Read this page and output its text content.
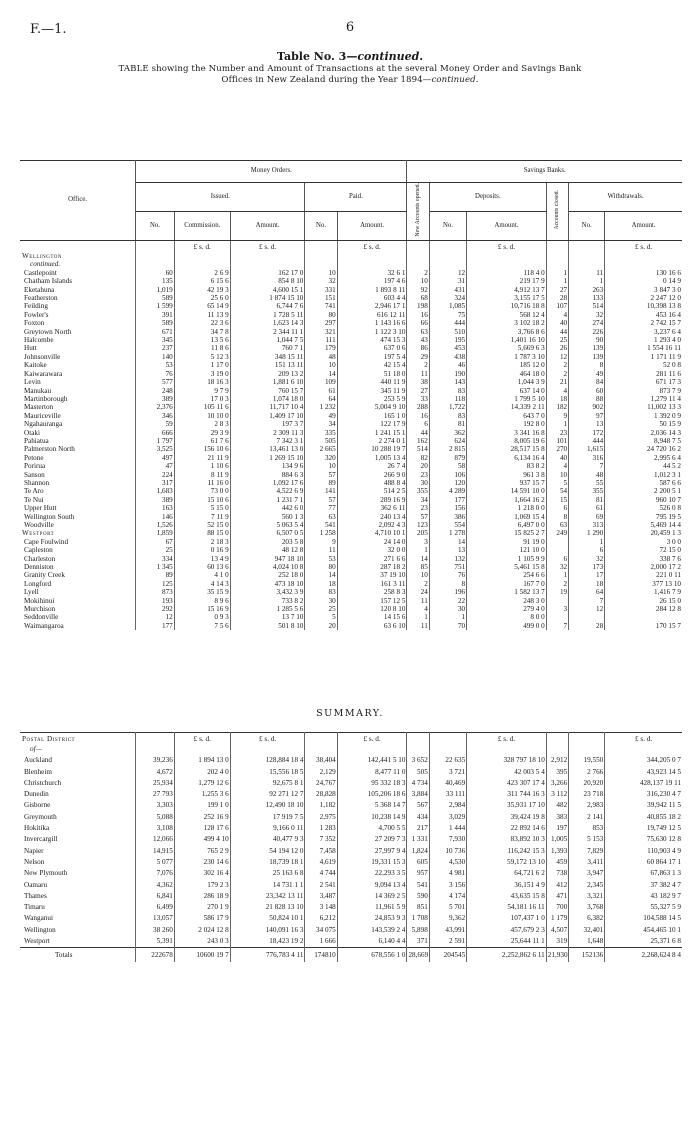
F.—1.	6
Table No. 3—continued.
TABLE showing the Number and Amount of Transactions at the several Money Order and Savings Bank
Offices in New Zealand during the Year 1894—continued.
Office.	Money Orders.					Savings Banks.					
	Issued.			Paid.		New Accounts opened.	Deposits.		Accounts closed.	Withdrawals.	
	No.	Commission.	Amount.	No.	Amount.		No.	Amount.		No.	Amount.
		£ s. d.	£ s. d.		£ s. d.			£ s. d.			£ s. d.
Wellington											
continued.											
Castlepoint	60	2 6 9	162 17 0	10	32 6 1	2	12	118 4 0	1	11	130 16 6
Chatham Islands	135	6 15 6	854 8 10	32	197 4 6	10	31	219 17 9	1	1	0 14 9
Eketahuna	1,019	42 19 3	4,600 15 1	331	1 893 8 11	92	431	4,912 13 7	27	263	3 847 3 0
Featherston	589	25 6 0	1 874 15 10	151	603 4 4	68	324	3,155 17 5	28	133	2 247 12 0
Feilding	1 599	65 14 9	6,744 7 6	741	2,946 17 1	198	1,085	10,716 18 8	107	514	10,398 13 8
Fowler's	391	11 13 9	1 728 5 11	80	616 12 11	16	75	568 12 4	4	32	453 16 4
Foxton	589	22 3 6	1,623 14 3	297	1 143 16 6	66	444	3 102 18 2	40	274	2 742 15 7
Greytown North	671	34 7 8	2 344 11 1	321	1 122 3 10	63	510	3,766 8 6	44	226	3,237 6 4
Halcombe	345	13 5 6	1,044 7 5	111	474 15 3	43	195	1,401 16 10	25	90	1 293 4 0
Hutt	237	11 8 6	760 7 1	179	637 0 6	86	453	5,669 6 3	26	139	1 554 16 11
Johnsonville	140	5 12 3	348 15 11	48	197 5 4	29	438	1 787 3 10	12	139	1 171 11 9
Kaitoke	53	1 17 0	151 13 11	10	42 15 4	2	46	185 12 0	2	8	52 0 8
Kaiwarawara	76	3 19 0	209 13 2	14	51 18 0	11	190	464 18 0	2	49	281 11 6
Levin	577	18 16 3	1,881 6 10	109	440 11 9	38	143	1,044 3 9	21	84	671 17 3
Manukau	248	9 7 9	760 15 7	61	345 11 9	27	83	637 14 0	4	60	873 7 9
Martinborough	389	17 0 3	1,074 18 0	64	253 5 9	33	118	1 799 5 10	18	88	1,279 11 4
Masterton	2,376	105 11 6	11,717 10 4	1 232	5,004 9 10	288	1,722	14,339 2 11	182	902	11,002 13 3
Mauriceville	346	10 10 0	1,409 17 10	49	165 1 0	16	83	643 7 0	9	97	1 392 0 9
Ngahauranga	59	2 8 3	197 3 7	34	122 17 9	6	81	192 8 0	1	13	50 15 9
Otaki	666	29 3 9	2 309 11 3	335	1 241 15 1	44	362	3 341 16 8	23	172	2,036 14 3
Pahiatua	1 797	61 7 6	7 342 3 1	505	2 274 0 1	162	624	8,005 19 6	101	444	8,948 7 5
Palmerston North	3,525	156 10 6	13,461 13 0	2 665	10 288 19 7	514	2 815	28,517 15 8	270	1,615	24 720 16 2
Petone	497	21 11 9	1 269 15 10	320	1,005 13 4	82	879	6,134 16 4	40	316	2,995 6 4
Porirua	47	1 10 6	134 9 6	10	26 7 4	20	58	83 8 2	4	7	44 5 2
Sanson	224	8 11 9	884 6 3	57	266 9 0	23	106	961 3 8	10	48	1,012 3 1
Shannon	317	11 16 0	1,092 17 6	89	488 8 4	30	120	937 15 7	5	55	587 6 6
Te Aro	1,683	73 0 0	4,522 6 9	141	514 2 5	355	4 289	14 591 10 0	54	355	2 200 5 1
Te Nui	389	15 10 6	1 231 7 1	57	289 16 9	34	177	1,664 16 2	15	81	960 10 7
Upper Hutt	163	5 15 0	442 6 0	77	362 6 11	23	156	1 218 0 0	6	61	526 0 8
Wellington South	146	7 11 9	560 1 3	63	240 13 4	57	386	1,069 15 4	8	69	795 19 5
Woodville	1,526	52 15 0	5 063 5 4	541	2,092 4 3	123	554	6,497 0 0	63	313	5,469 14 4
Westport	1,859	88 15 0	6,507 0 5	1 258	4,710 10 1	205	1 278	15 825 2 7	249	1 290	20,459 1 3
Cape Foulwind	67	2 18 3	203 5 8	9	24 14 0	3	14	91 19 0		1	3 0 0
Capleston	25	0 16 9	48 12 8	11	32 0 0	1	13	121 10 0		6	72 15 0
Charleston	334	13 4 9	947 18 10	53	271 6 6	14	132	1 105 9 9	6	32	338 7 6
Denniston	1 345	60 13 6	4,024 10 8	80	287 18 2	85	751	5,461 15 8	32	173	2,000 17 2
Granity Creek	89	4 1 0	252 18 0	14	37 19 10	10	76	254 6 6	1	17	221 0 11
Longford	125	4 14 3	473 18 10	18	161 3 11	2	8	167 7 0	2	18	377 13 10
Lyell	873	35 15 9	3,432 3 9	83	258 8 3	24	196	1 582 13 7	19	64	1,416 7 9
Mokihinui	193	8 9 6	733 8 2	30	157 12 5	11	22	248 3 0		7	26 15 0
Murchison	292	15 16 9	1 285 5 6	25	120 8 10	4	30	279 4 0	3	12	284 12 8
Seddonville	12	0 9 3	13 7 10	5	14 15 6	1	1	8 0 0			
Waimangaroa	177	7 5 6	501 8 10	20	63 6 10	11	70	499 0 0	7	28	170 15 7
SUMMARY.
Postal District		£ s. d.	£ s. d.		£ s. d.			£ s. d.			£ s. d.
of—											
Auckland	39,236	1 894 13 0	128,884 18 4	38,404	142,441 5 10	3 652	22 635	328 797 18 10	2,912	19,550	344,205 0 7
Blenheim	4,672	202 4 0	15,556 18 5	2,129	8,477 11 0	505	3 721	42 003 5 4	395	2 766	43,923 14 5
Christchurch	25,934	1,279 12 6	92,675 8 1	24,767	95 332 18 3	4 734	40,469	423 307 17 4	3,266	20,920	428,137 19 11
Dunedin	27 793	1,255 3 6	92 271 12 7	28,828	105,206 18 6	3,884	33 111	311 744 16 3	3 112	23 718	316,230 4 7
Gisborne	3,303	199 1 0	12,490 18 10	1,182	5 368 14 7	567	2,984	35,931 17 10	482	2,983	39,942 11 5
Greymouth	5,088	252 16 9	17 919 7 5	2,975	10,238 14 9	434	3,029	39,424 19 8	383	2 141	40,855 18 2
Hokitika	3,108	128 17 6	9,166 0 11	1 283	4,700 5 5	217	1 444	22 892 14 6	197	853	19,749 12 5
Invercargill	12,066	499 4 10	40,477 9 3	7 352	27 209 7 3	1 331	7,930	83,892 10 3	1,005	5 153	75,630 12 8
Napier	14,915	765 2 9	54 194 12 0	7,458	27,997 9 4	1,824	10 736	116,242 15 3	1,393	7,829	110,903 4 9
Nelson	5 077	230 14 6	18,739 18 1	4,619	19,331 15 3	605	4,530	59,172 13 10	459	3,411	60 864 17 1
New Plymouth	7,076	302 16 4	25 163 6 8	4 744	22,293 3 5	957	4 981	64,721 6 2	738	3,947	67,863 1 3
Oamaru	4,362	179 2 3	14 731 1 1	2 541	9,094 13 4	541	3 156	36,151 4 9	412	2,345	37 382 4 7
Thames	6,841	286 18 9	23,342 13 11	3,487	14 369 2 5	590	4 174	43,635 15 8	471	3,321	43 182 9 7
Timaru	6,499	270 1 9	21 828 13 10	3 148	11,961 5 9	851	5 701	54,181 16 11	700	3,768	55,327 5 9
Wanganui	13,057	586 17 9	50,824 10 1	6,212	24,853 9 3	1 708	9,362	107,437 1 0	1 179	6,382	104,588 14 5
Wellington	38 260	2 024 12 8	140,091 16 3	34 075	143,539 2 4	5,898	43,991	457,679 2 3	4,507	32,401	454,465 10 1
Westport	5,391	243 0 3	18,423 19 2	1 666	6,140 4 4	371	2 591	25,644 11 1	319	1,648	25,371 6 8
Totals	222678	10600 19 7	776,783 4 11	174810	678,556 1 0	28,669	204545	2,252,862 6 11	21,930	152136	2,268,624 8 4
